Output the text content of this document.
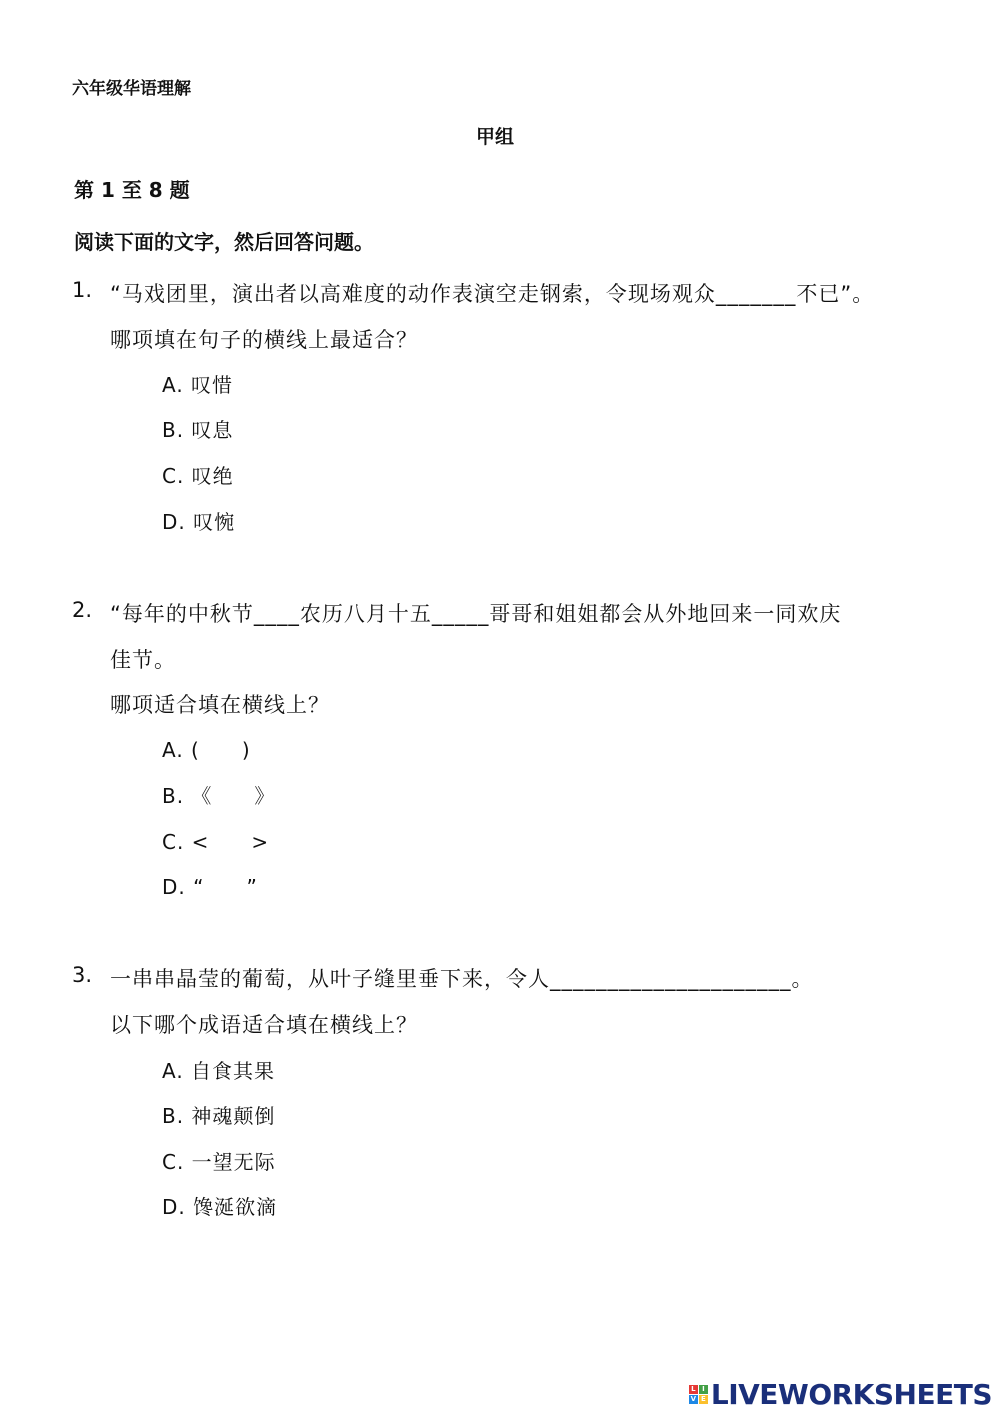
六年级华语理解
甲组
第 1 至 8 题
阅读下面的文字，然后回答问题。
1. “马戏团里，演出者以高难度的动作表演空走钢索，令现场观众_______不已”。
哪项填在句子的横线上最适合？
A. 叹惜
B. 叹息
C. 叹绝
D. 叹惋
2. “每年的中秋节____农历八月十五_____哥哥和姐姐都会从外地回来一同欢庆
佳节。
哪项适合填在横线上？
A. (　　)
B. 《　　》
C. <　　>
D. “　　”
3. 一串串晶莹的葡萄，从叶子缝里垂下来，令人_____________________。
以下哪个成语适合填在横线上？
A. 自食其果
B. 神魂颠倒
C. 一望无际
D. 馋涎欲滴
L I
V E LIVEWORKSHEETS
